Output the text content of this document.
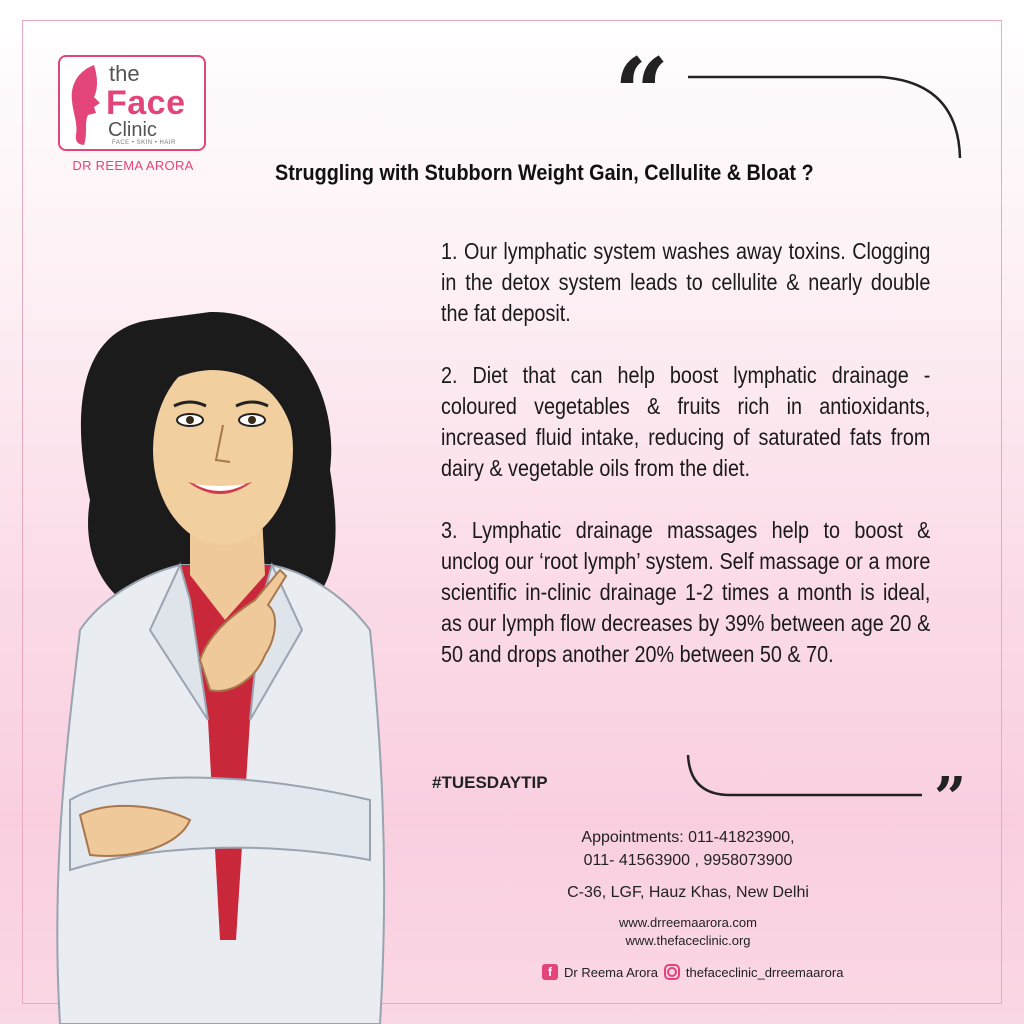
the
Face
Clinic
FACE • SKIN • HAIR
DR REEMA ARORA
“
”
Struggling with Stubborn Weight Gain, Cellulite & Bloat ?

1. Our lymphatic system washes away toxins. Clogging in the detox system leads to cellulite & nearly double the fat deposit.

2. Diet that can help boost lymphatic drainage - coloured vegetables & fruits rich in antioxidants, increased fluid intake, reducing of saturated fats from dairy & vegetable oils from the diet.

3. Lymphatic drainage massages help to boost & unclog our ‘root lymph’ system. Self massage or a more scientific in-clinic drainage 1-2 times a month is ideal, as our lymph flow decreases by 39% between age 20 & 50 and drops another 20% between 50 & 70.

#TUESDAYTIP
Appointments: 011-41823900,
011- 41563900 , 9958073900
C-36, LGF, Hauz Khas, New Delhi
www.drreemaarora.com
www.thefaceclinic.org
f Dr Reema Arora thefaceclinic_drreemaarora
